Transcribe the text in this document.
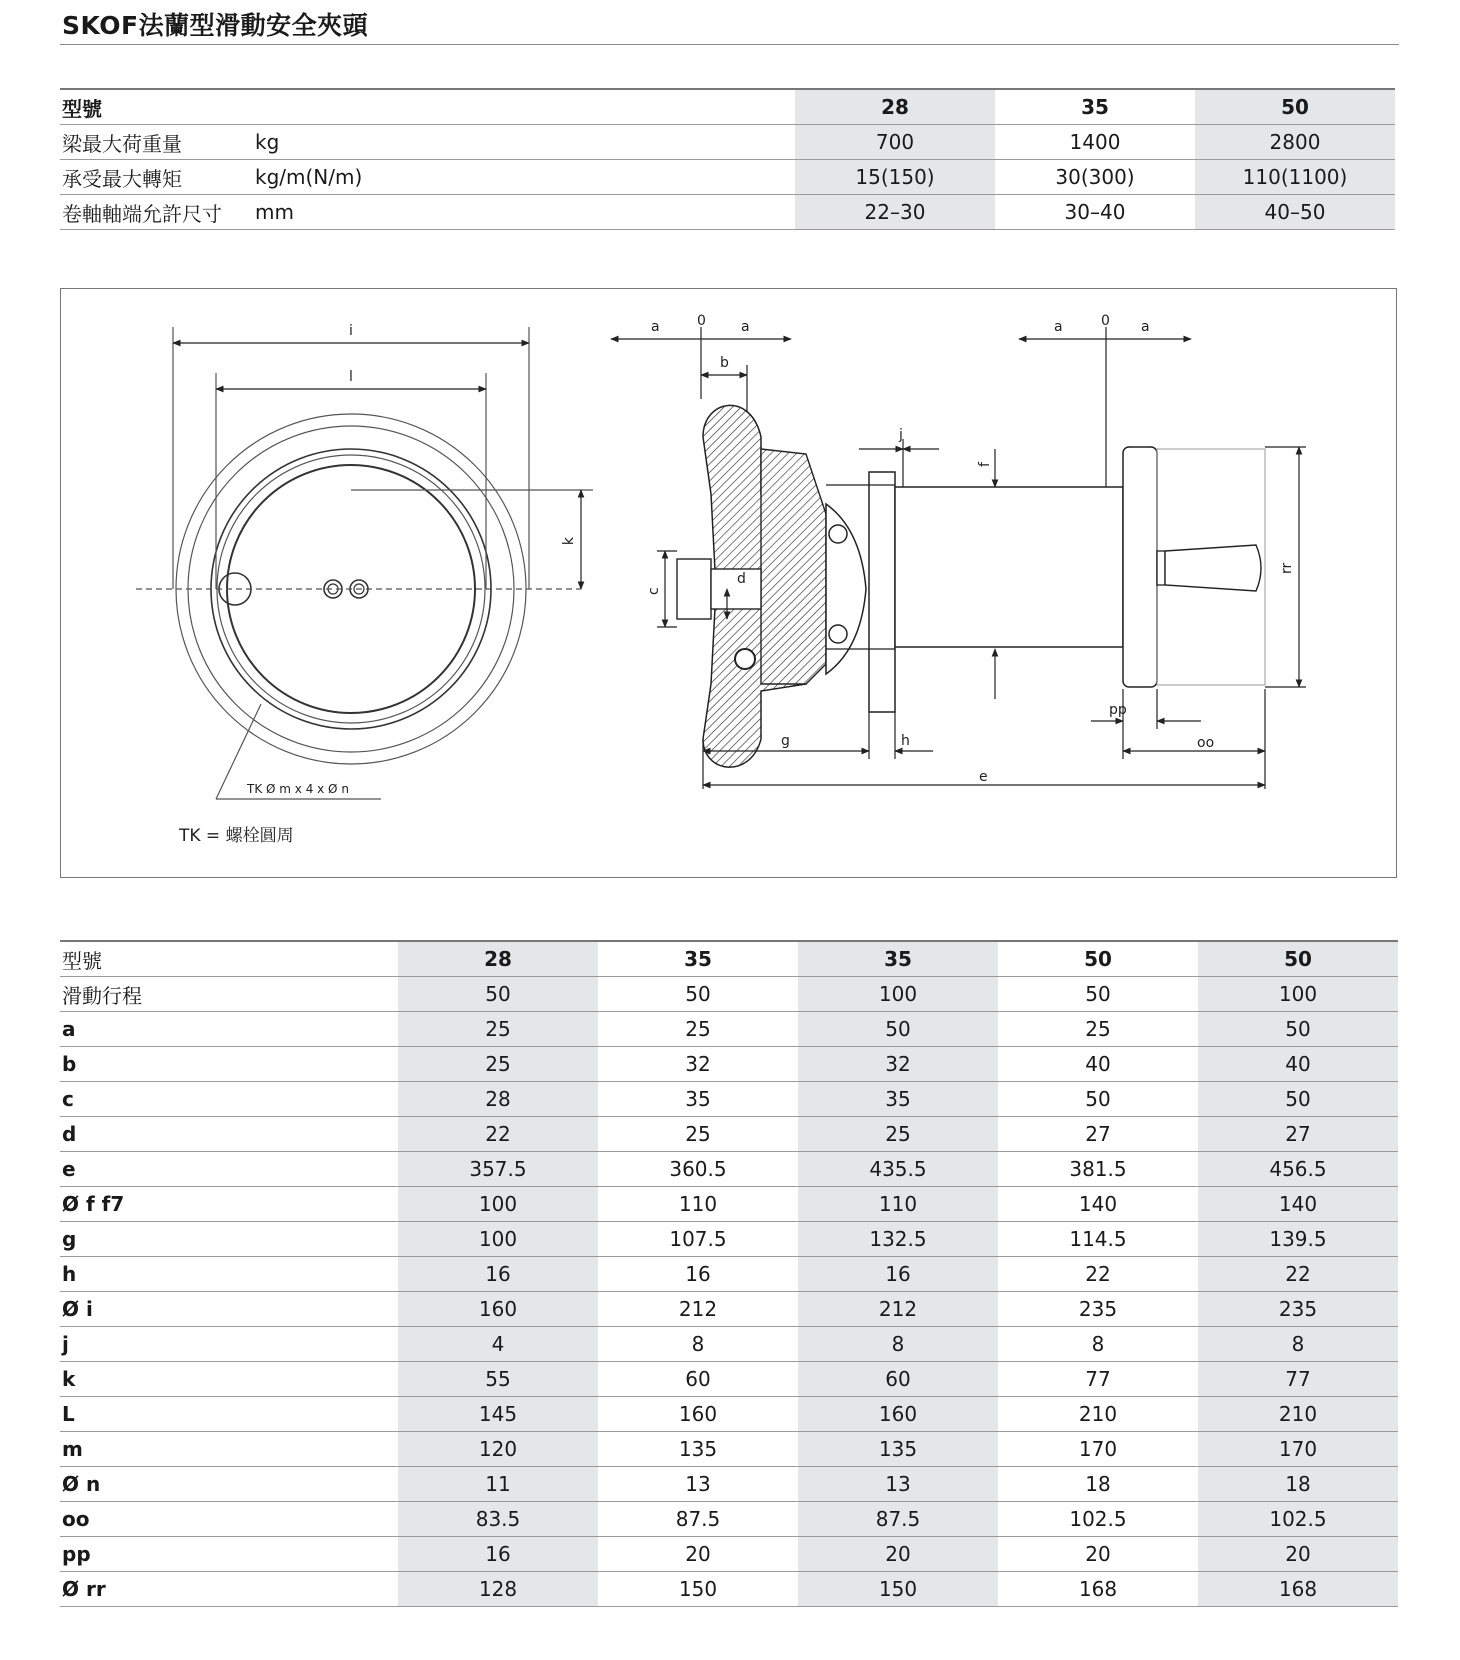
SKOF法蘭型滑動安全夾頭
型號		28	35	50
梁最大荷重量	kg	700	1400	2800
承受最大轉矩	kg/m(N/m)	15(150)	30(300)	110(1100)
卷軸軸端允許尺寸	mm	22–30	30–40	40–50
i
l
k
TK Ø m x 4 x Ø n
TK = 螺栓圓周
a	0	a	a	0 a
b
c
d
j
f
rr
pp
g	h	oo
e
型號	28	35	35	50	50
滑動行程	50	50	100	50	100
a	25	25	50	25	50
b	25	32	32	40	40
c	28	35	35	50	50
d	22	25	25	27	27
e	357.5	360.5	435.5	381.5	456.5
Ø f f7	100	110	110	140	140
g	100	107.5	132.5	114.5	139.5
h	16	16	16	22	22
Ø i	160	212	212	235	235
j	4	8	8	8	8
k	55	60	60	77	77
L	145	160	160	210	210
m	120	135	135	170	170
Ø n	11	13	13	18	18
oo	83.5	87.5	87.5	102.5	102.5
pp	16	20	20	20	20
Ø rr	128	150	150	168	168
